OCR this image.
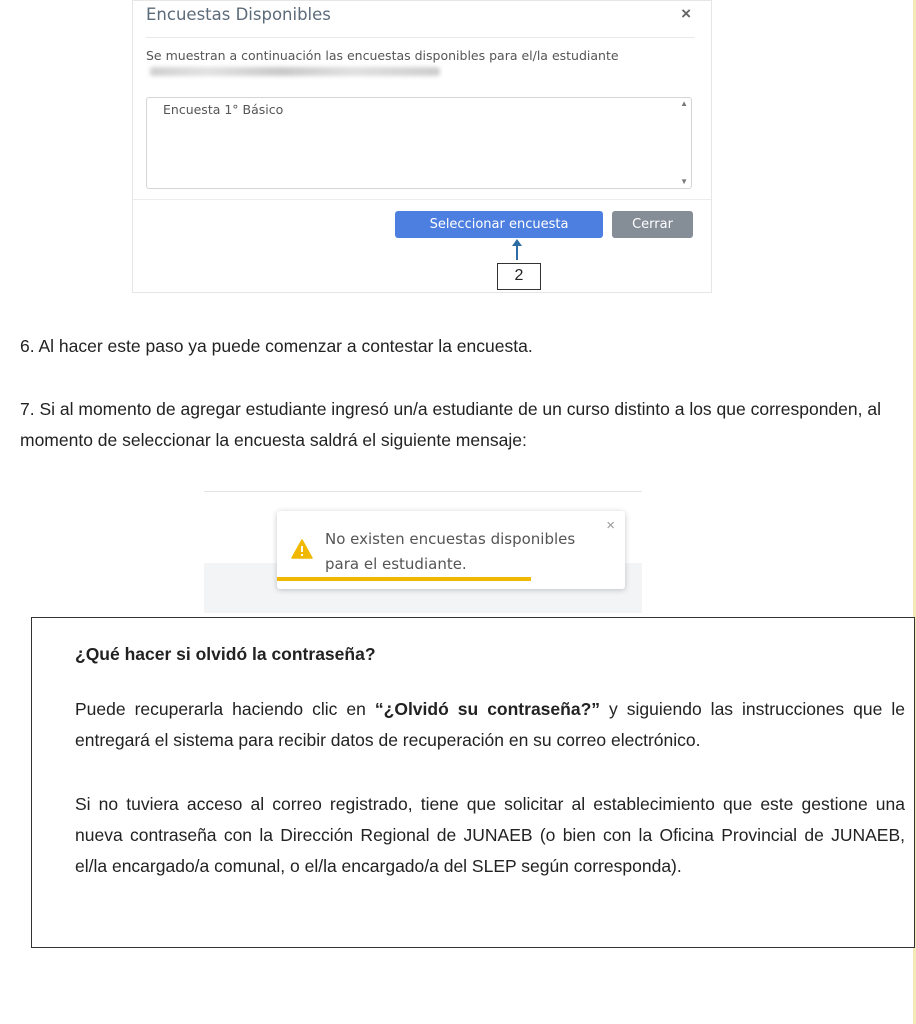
Encuestas Disponibles	×
Se muestran a continuación las encuestas disponibles para el/la estudiante
Encuesta 1° Básico	▲
▼
Seleccionar encuesta	Cerrar
2
6. Al hacer este paso ya puede comenzar a contestar la encuesta.
7. Si al momento de agregar estudiante ingresó un/a estudiante de un curso distinto a los que corresponden, al momento de seleccionar la encuesta saldrá el siguiente mensaje:
No existen encuestas disponibles para el estudiante.
×
¿Qué hacer si olvidó la contraseña?
Puede recuperarla haciendo clic en “¿Olvidó su contraseña?” y siguiendo las instrucciones que le entregará el sistema para recibir datos de recuperación en su correo electrónico.
Si no tuviera acceso al correo registrado, tiene que solicitar al establecimiento que este gestione una nueva contraseña con la Dirección Regional de JUNAEB (o bien con la Oficina Provincial de JUNAEB, el/la encargado/a comunal, o el/la encargado/a del SLEP según corresponda).
